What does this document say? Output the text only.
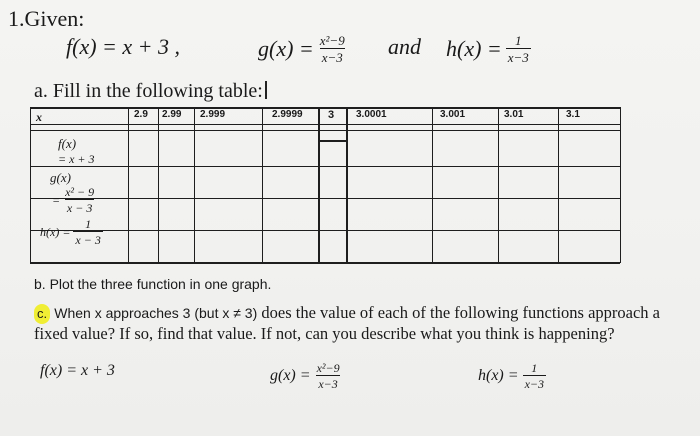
1.Given:
f(x) = x + 3 ,	$g(x) = \frac{\text{x²−9}}{x-3}$ and $h(x) = \frac{1}{x-3}$
a. Fill in the following table:
x	2.9 2.99 2.999	2.9999 3 3.0001	3.001	3.01	3.1
f(x)
= x + 3
g(x)
= $\frac{\text{x² − 9}}{x - 3}$
$h(x) = \frac{1}{x - 3}$
b. Plot the three function in one graph.
c. When x approaches 3 (but x ≠ 3) does the value of each of the following functions approach a fixed value? If so, find that value. If not, can you describe what you think is happening?
f(x) = x + 3	$g(x) = \frac{\text{x²−9}}{x-3}$	$h(x) = \frac{1}{x-3}$
